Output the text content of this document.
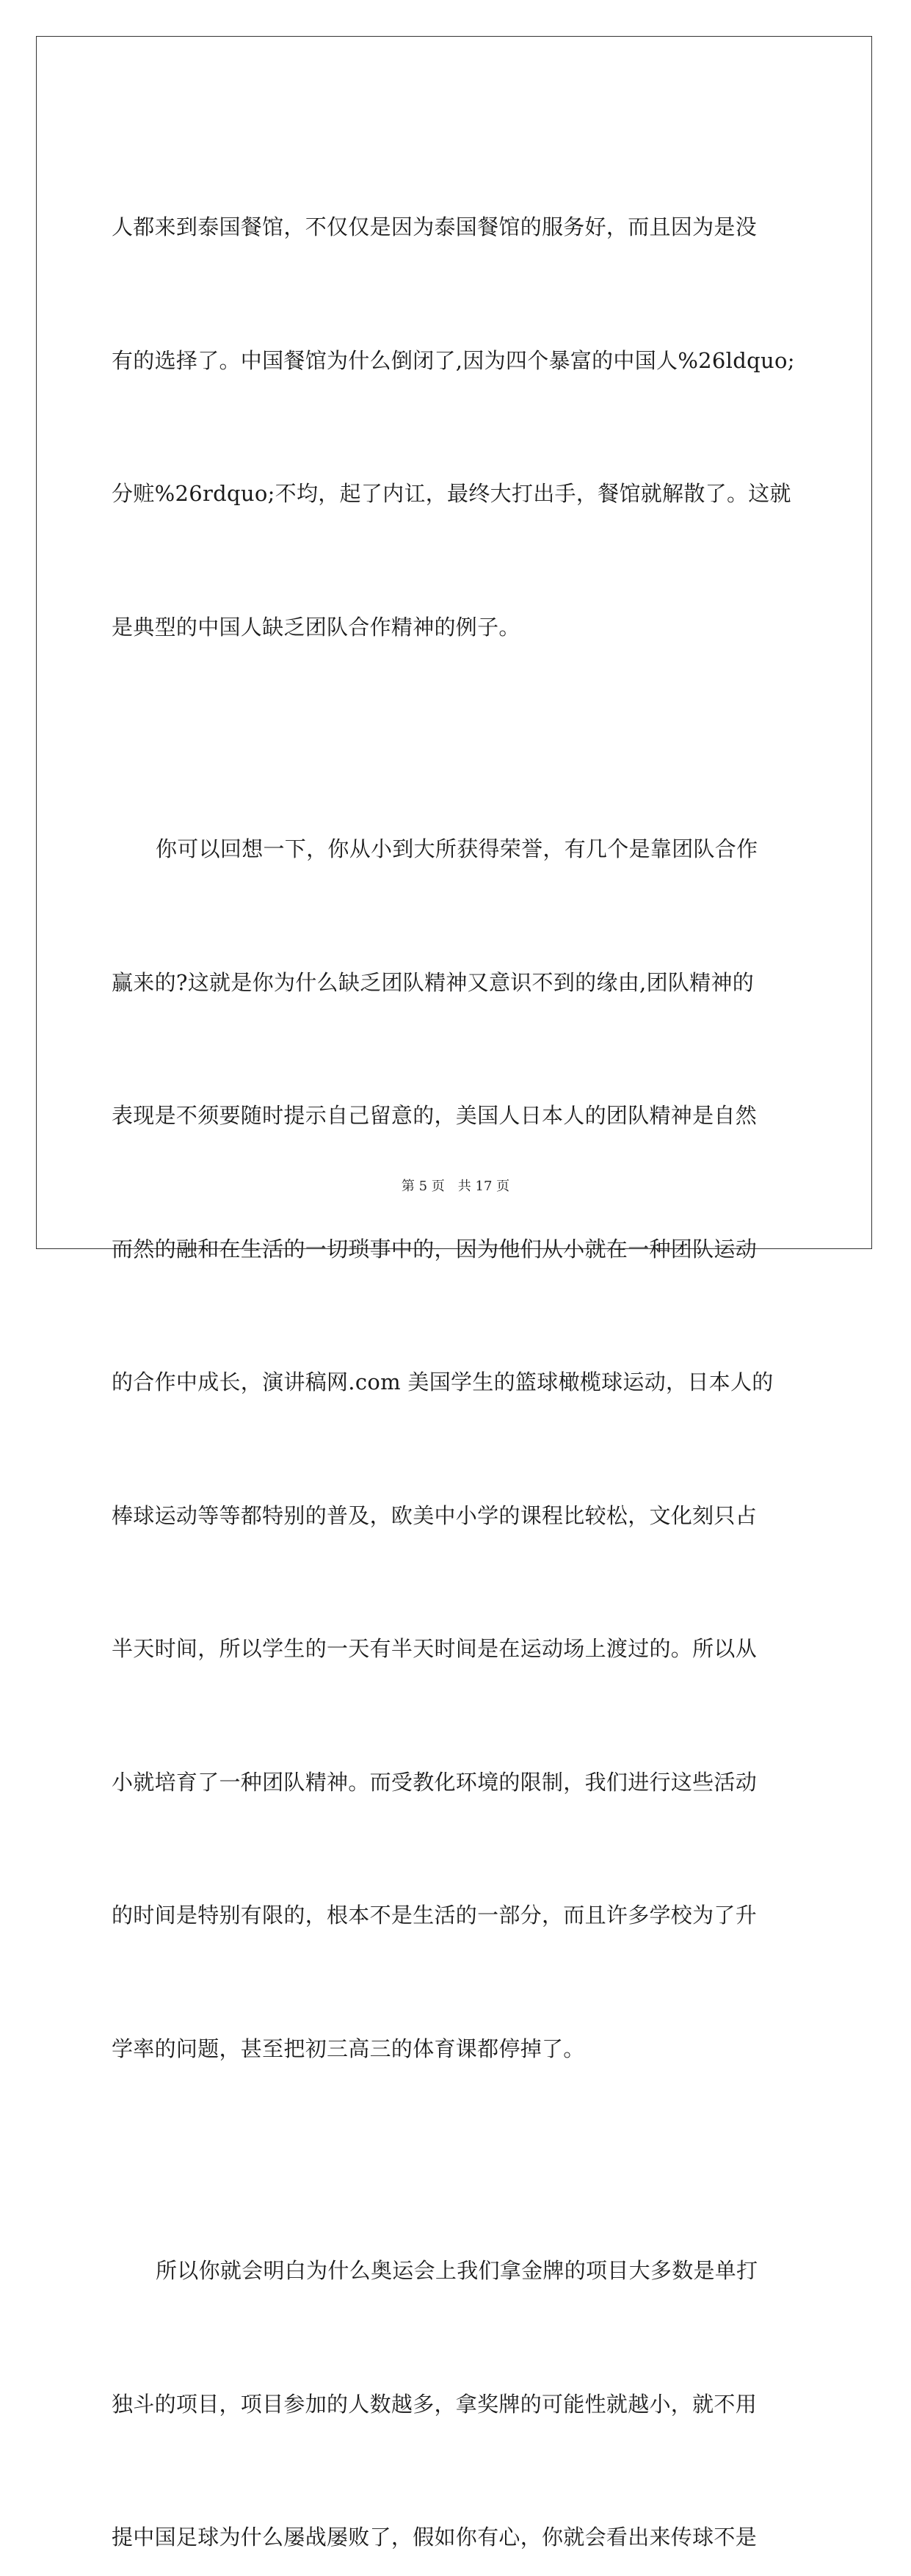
人都来到泰国餐馆，不仅仅是因为泰国餐馆的服务好，而且因为是没

有的选择了。中国餐馆为什么倒闭了,因为四个暴富的中国人%26ldquo;

分赃%26rdquo;不均，起了内讧，最终大打出手，餐馆就解散了。这就

是典型的中国人缺乏团队合作精神的例子。

你可以回想一下，你从小到大所获得荣誉，有几个是靠团队合作

赢来的?这就是你为什么缺乏团队精神又意识不到的缘由,团队精神的

表现是不须要随时提示自己留意的，美国人日本人的团队精神是自然

而然的融和在生活的一切琐事中的，因为他们从小就在一种团队运动

的合作中成长，演讲稿网.com 美国学生的篮球橄榄球运动，日本人的

棒球运动等等都特别的普及，欧美中小学的课程比较松，文化刻只占

半天时间，所以学生的一天有半天时间是在运动场上渡过的。所以从

小就培育了一种团队精神。而受教化环境的限制，我们进行这些活动

的时间是特别有限的，根本不是生活的一部分，而且许多学校为了升

学率的问题，甚至把初三高三的体育课都停掉了。

所以你就会明白为什么奥运会上我们拿金牌的项目大多数是单打

独斗的项目，项目参加的人数越多，拿奖牌的可能性就越小，就不用

提中国足球为什么屡战屡败了，假如你有心，你就会看出来传球不是

第 5 页 共 17 页
